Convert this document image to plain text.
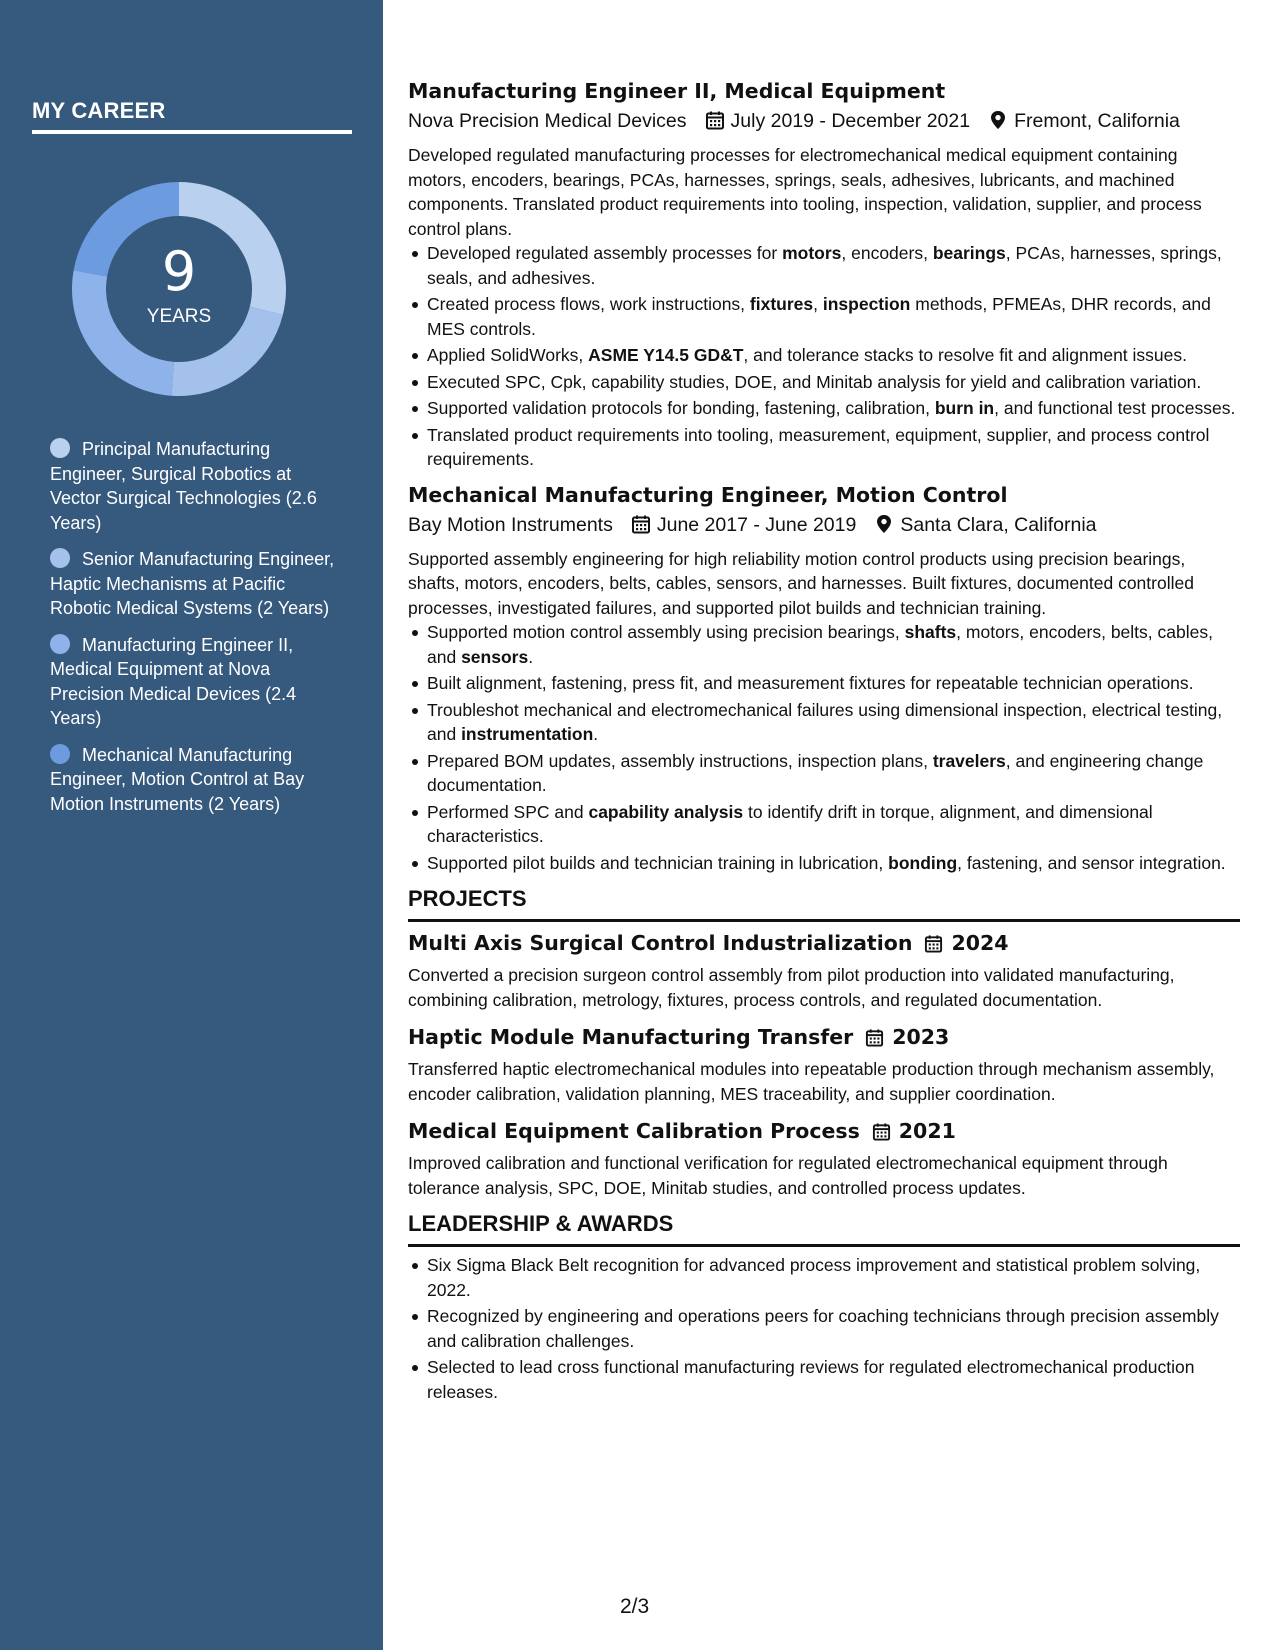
MY CAREER
9
YEARS
Principal Manufacturing Engineer, Surgical Robotics at Vector Surgical Technologies (2.6 Years)
Senior Manufacturing Engineer, Haptic Mechanisms at Pacific Robotic Medical Systems (2 Years)
Manufacturing Engineer II, Medical Equipment at Nova Precision Medical Devices (2.4 Years)
Mechanical Manufacturing Engineer, Motion Control at Bay Motion Instruments (2 Years)
Manufacturing Engineer II, Medical Equipment
Nova Precision Medical Devices July 2019 - December 2021 Fremont, California

Developed regulated manufacturing processes for electromechanical medical equipment containing motors, encoders, bearings, PCAs, harnesses, springs, seals, adhesives, lubricants, and machined components. Translated product requirements into tooling, inspection, validation, supplier, and process control plans.

Developed regulated assembly processes for motors, encoders, bearings, PCAs, harnesses, springs, seals, and adhesives.
Created process flows, work instructions, fixtures, inspection methods, PFMEAs, DHR records, and MES controls.
Applied SolidWorks, ASME Y14.5 GD&T, and tolerance stacks to resolve fit and alignment issues.
Executed SPC, Cpk, capability studies, DOE, and Minitab analysis for yield and calibration variation.
Supported validation protocols for bonding, fastening, calibration, burn in, and functional test processes.
Translated product requirements into tooling, measurement, equipment, supplier, and process control requirements.
Mechanical Manufacturing Engineer, Motion Control
Bay Motion Instruments June 2017 - June 2019 Santa Clara, California

Supported assembly engineering for high reliability motion control products using precision bearings, shafts, motors, encoders, belts, cables, sensors, and harnesses. Built fixtures, documented controlled processes, investigated failures, and supported pilot builds and technician training.

Supported motion control assembly using precision bearings, shafts, motors, encoders, belts, cables, and sensors.
Built alignment, fastening, press fit, and measurement fixtures for repeatable technician operations.
Troubleshot mechanical and electromechanical failures using dimensional inspection, electrical testing, and instrumentation.
Prepared BOM updates, assembly instructions, inspection plans, travelers, and engineering change documentation.
Performed SPC and capability analysis to identify drift in torque, alignment, and dimensional characteristics.
Supported pilot builds and technician training in lubrication, bonding, fastening, and sensor integration.
PROJECTS
Multi Axis Surgical Control Industrialization 2024

Converted a precision surgeon control assembly from pilot production into validated manufacturing, combining calibration, metrology, fixtures, process controls, and regulated documentation.

Haptic Module Manufacturing Transfer 2023

Transferred haptic electromechanical modules into repeatable production through mechanism assembly, encoder calibration, validation planning, MES traceability, and supplier coordination.

Medical Equipment Calibration Process 2021

Improved calibration and functional verification for regulated electromechanical equipment through tolerance analysis, SPC, DOE, Minitab studies, and controlled process updates.

LEADERSHIP & AWARDS
Six Sigma Black Belt recognition for advanced process improvement and statistical problem solving, 2022.
Recognized by engineering and operations peers for coaching technicians through precision assembly and calibration challenges.
Selected to lead cross functional manufacturing reviews for regulated electromechanical production releases.
2/3
